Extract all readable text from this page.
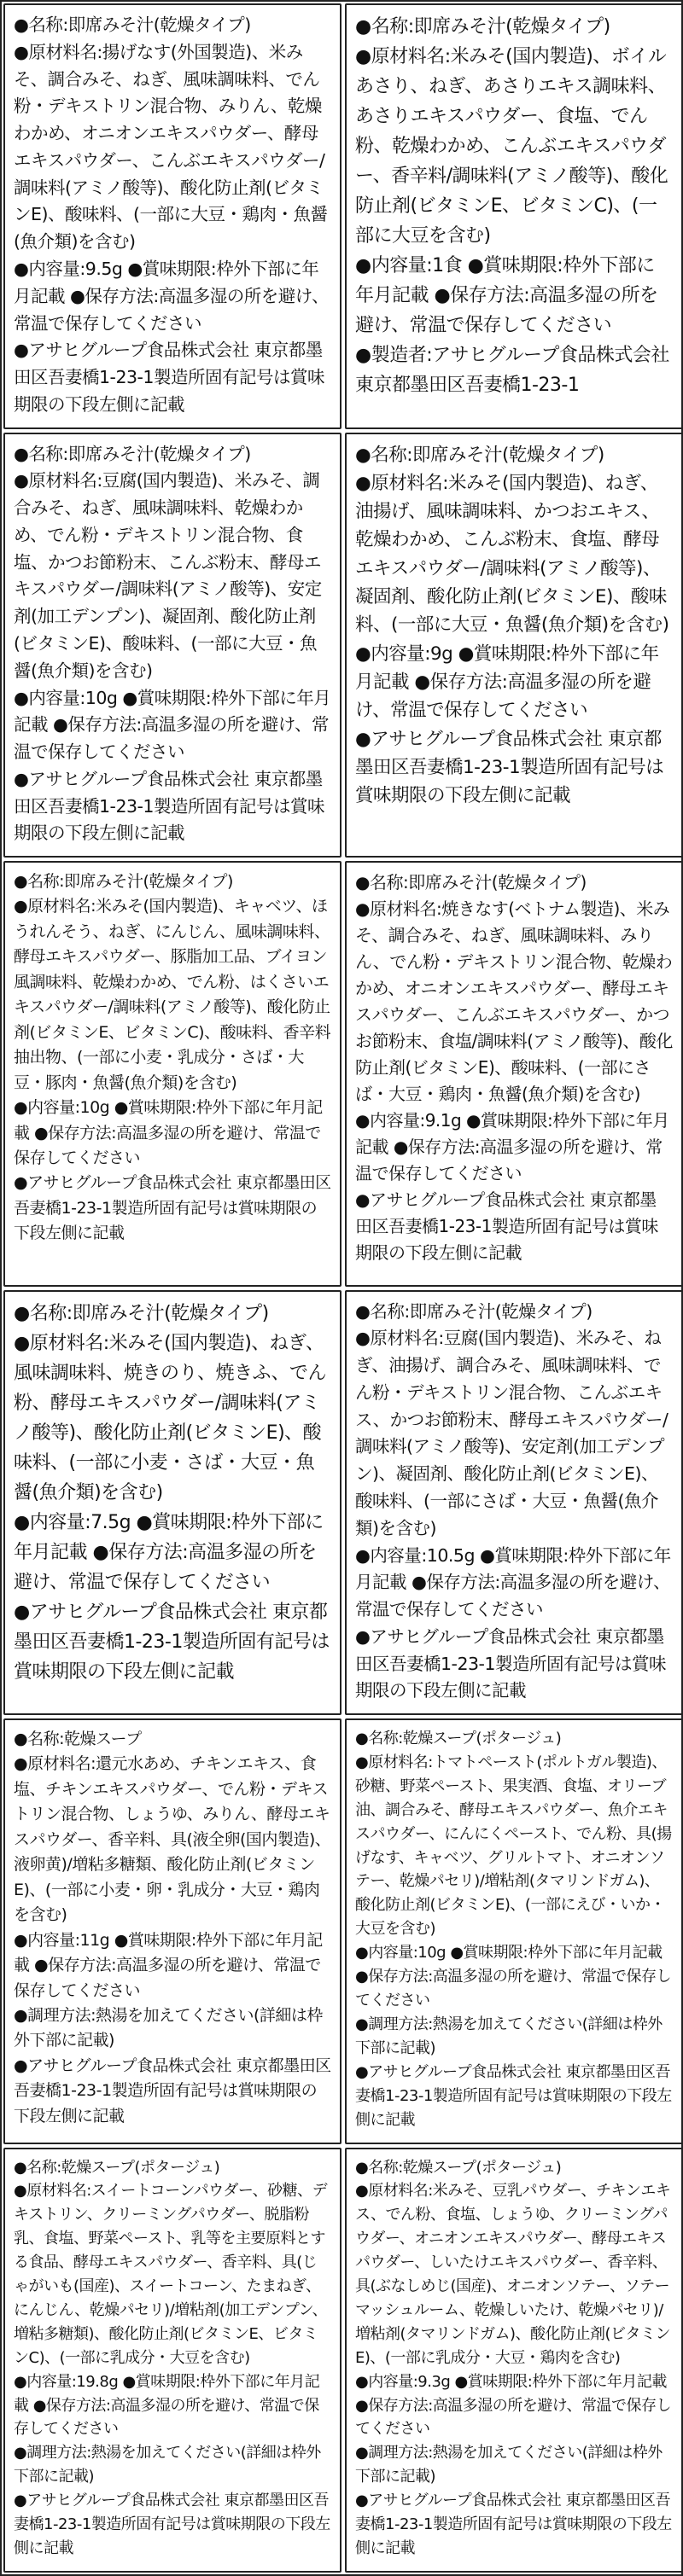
●名称:即席みそ汁(乾燥タイプ)

●原材料名:揚げなす(外国製造)、米みそ、調合みそ、ねぎ、風味調味料、でん粉・デキストリン混合物、みりん、乾燥わかめ、オニオンエキスパウダー、酵母エキスパウダー、こんぶエキスパウダー/調味料(アミノ酸等)、酸化防止剤(ビタミンE)、酸味料、(一部に大豆・鶏肉・魚醤(魚介類)を含む)

●内容量:9.5g ●賞味期限:枠外下部に年月記載 ●保存方法:高温多湿の所を避け、常温で保存してください

●アサヒグループ食品株式会社 東京都墨田区吾妻橋1-23-1製造所固有記号は賞味期限の下段左側に記載

●名称:即席みそ汁(乾燥タイプ)

●原材料名:米みそ(国内製造)、ボイルあさり、ねぎ、あさりエキス調味料、あさりエキスパウダー、食塩、でん粉、乾燥わかめ、こんぶエキスパウダー、香辛料/調味料(アミノ酸等)、酸化防止剤(ビタミンE、ビタミンC)、(一部に大豆を含む)

●内容量:1食 ●賞味期限:枠外下部に年月記載 ●保存方法:高温多湿の所を避け、常温で保存してください

●製造者:アサヒグループ食品株式会社 東京都墨田区吾妻橋1-23-1

●名称:即席みそ汁(乾燥タイプ)

●原材料名:豆腐(国内製造)、米みそ、調合みそ、ねぎ、風味調味料、乾燥わかめ、でん粉・デキストリン混合物、食塩、かつお節粉末、こんぶ粉末、酵母エキスパウダー/調味料(アミノ酸等)、安定剤(加工デンプン)、凝固剤、酸化防止剤(ビタミンE)、酸味料、(一部に大豆・魚醤(魚介類)を含む)

●内容量:10g ●賞味期限:枠外下部に年月記載 ●保存方法:高温多湿の所を避け、常温で保存してください

●アサヒグループ食品株式会社 東京都墨田区吾妻橋1-23-1製造所固有記号は賞味期限の下段左側に記載

●名称:即席みそ汁(乾燥タイプ)

●原材料名:米みそ(国内製造)、ねぎ、油揚げ、風味調味料、かつおエキス、乾燥わかめ、こんぶ粉末、食塩、酵母エキスパウダー/調味料(アミノ酸等)、凝固剤、酸化防止剤(ビタミンE)、酸味料、(一部に大豆・魚醤(魚介類)を含む)

●内容量:9g ●賞味期限:枠外下部に年月記載 ●保存方法:高温多湿の所を避け、常温で保存してください

●アサヒグループ食品株式会社 東京都墨田区吾妻橋1-23-1製造所固有記号は賞味期限の下段左側に記載

●名称:即席みそ汁(乾燥タイプ)

●原材料名:米みそ(国内製造)、キャベツ、ほうれんそう、ねぎ、にんじん、風味調味料、酵母エキスパウダー、豚脂加工品、ブイヨン風調味料、乾燥わかめ、でん粉、はくさいエキスパウダー/調味料(アミノ酸等)、酸化防止剤(ビタミンE、ビタミンC)、酸味料、香辛料抽出物、(一部に小麦・乳成分・さば・大豆・豚肉・魚醤(魚介類)を含む)

●内容量:10g ●賞味期限:枠外下部に年月記載 ●保存方法:高温多湿の所を避け、常温で保存してください

●アサヒグループ食品株式会社 東京都墨田区吾妻橋1-23-1製造所固有記号は賞味期限の下段左側に記載

●名称:即席みそ汁(乾燥タイプ)

●原材料名:焼きなす(ベトナム製造)、米みそ、調合みそ、ねぎ、風味調味料、みりん、でん粉・デキストリン混合物、乾燥わかめ、オニオンエキスパウダー、酵母エキスパウダー、こんぶエキスパウダー、かつお節粉末、食塩/調味料(アミノ酸等)、酸化防止剤(ビタミンE)、酸味料、(一部にさば・大豆・鶏肉・魚醤(魚介類)を含む)

●内容量:9.1g ●賞味期限:枠外下部に年月記載 ●保存方法:高温多湿の所を避け、常温で保存してください

●アサヒグループ食品株式会社 東京都墨田区吾妻橋1-23-1製造所固有記号は賞味期限の下段左側に記載

●名称:即席みそ汁(乾燥タイプ)

●原材料名:米みそ(国内製造)、ねぎ、風味調味料、焼きのり、焼きふ、でん粉、酵母エキスパウダー/調味料(アミノ酸等)、酸化防止剤(ビタミンE)、酸味料、(一部に小麦・さば・大豆・魚醤(魚介類)を含む)

●内容量:7.5g ●賞味期限:枠外下部に年月記載 ●保存方法:高温多湿の所を避け、常温で保存してください

●アサヒグループ食品株式会社 東京都墨田区吾妻橋1-23-1製造所固有記号は賞味期限の下段左側に記載

●名称:即席みそ汁(乾燥タイプ)

●原材料名:豆腐(国内製造)、米みそ、ねぎ、油揚げ、調合みそ、風味調味料、でん粉・デキストリン混合物、こんぶエキス、かつお節粉末、酵母エキスパウダー/調味料(アミノ酸等)、安定剤(加工デンプン)、凝固剤、酸化防止剤(ビタミンE)、酸味料、(一部にさば・大豆・魚醤(魚介類)を含む)

●内容量:10.5g ●賞味期限:枠外下部に年月記載 ●保存方法:高温多湿の所を避け、常温で保存してください

●アサヒグループ食品株式会社 東京都墨田区吾妻橋1-23-1製造所固有記号は賞味期限の下段左側に記載

●名称:乾燥スープ

●原材料名:還元水あめ、チキンエキス、食塩、チキンエキスパウダー、でん粉・デキストリン混合物、しょうゆ、みりん、酵母エキスパウダー、香辛料、具(液全卵(国内製造)、液卵黄)/増粘多糖類、酸化防止剤(ビタミンE)、(一部に小麦・卵・乳成分・大豆・鶏肉を含む)

●内容量:11g ●賞味期限:枠外下部に年月記載 ●保存方法:高温多湿の所を避け、常温で保存してください

●調理方法:熱湯を加えてください(詳細は枠外下部に記載)

●アサヒグループ食品株式会社 東京都墨田区吾妻橋1-23-1製造所固有記号は賞味期限の下段左側に記載

●名称:乾燥スープ(ポタージュ)

●原材料名:トマトペースト(ポルトガル製造)、砂糖、野菜ペースト、果実酒、食塩、オリーブ油、調合みそ、酵母エキスパウダー、魚介エキスパウダー、にんにくペースト、でん粉、具(揚げなす、キャベツ、グリルトマト、オニオンソテー、乾燥パセリ)/増粘剤(タマリンドガム)、酸化防止剤(ビタミンE)、(一部にえび・いか・大豆を含む)

●内容量:10g ●賞味期限:枠外下部に年月記載 ●保存方法:高温多湿の所を避け、常温で保存してください

●調理方法:熱湯を加えてください(詳細は枠外下部に記載)

●アサヒグループ食品株式会社 東京都墨田区吾妻橋1-23-1製造所固有記号は賞味期限の下段左側に記載

●名称:乾燥スープ(ポタージュ)

●原材料名:スイートコーンパウダー、砂糖、デキストリン、クリーミングパウダー、脱脂粉乳、食塩、野菜ペースト、乳等を主要原料とする食品、酵母エキスパウダー、香辛料、具(じゃがいも(国産)、スイートコーン、たまねぎ、にんじん、乾燥パセリ)/増粘剤(加工デンプン、増粘多糖類)、酸化防止剤(ビタミンE、ビタミンC)、(一部に乳成分・大豆を含む)

●内容量:19.8g ●賞味期限:枠外下部に年月記載 ●保存方法:高温多湿の所を避け、常温で保存してください

●調理方法:熱湯を加えてください(詳細は枠外下部に記載)

●アサヒグループ食品株式会社 東京都墨田区吾妻橋1-23-1製造所固有記号は賞味期限の下段左側に記載

●名称:乾燥スープ(ポタージュ)

●原材料名:米みそ、豆乳パウダー、チキンエキス、でん粉、食塩、しょうゆ、クリーミングパウダー、オニオンエキスパウダー、酵母エキスパウダー、しいたけエキスパウダー、香辛料、具(ぶなしめじ(国産)、オニオンソテー、ソテーマッシュルーム、乾燥しいたけ、乾燥パセリ)/増粘剤(タマリンドガム)、酸化防止剤(ビタミンE)、(一部に乳成分・大豆・鶏肉を含む)

●内容量:9.3g ●賞味期限:枠外下部に年月記載 ●保存方法:高温多湿の所を避け、常温で保存してください

●調理方法:熱湯を加えてください(詳細は枠外下部に記載)

●アサヒグループ食品株式会社 東京都墨田区吾妻橋1-23-1製造所固有記号は賞味期限の下段左側に記載
